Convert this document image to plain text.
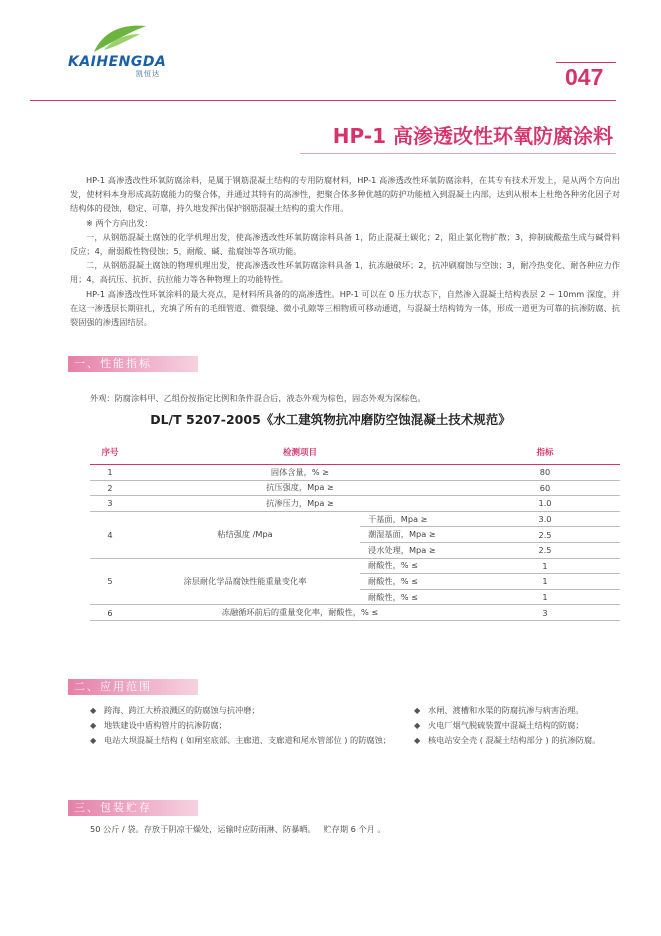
KAIHENGDA
凯恒达	047
HP-1 高渗透改性环氧防腐涂料

HP-1 高渗透改性环氧防腐涂料，是属于钢筋混凝土结构的专用防腐材料，HP-1 高渗透改性环氧防腐涂料，在其专有技术开发上，是从两个方向出发，使材料本身形成高防腐能力的聚合体，并通过其特有的高渗性，把聚合体多种优越的防护功能植入到混凝土内部，达到从根本上杜绝各种劣化因子对结构体的侵蚀，稳定、可靠，持久地发挥出保护钢筋混凝土结构的重大作用。

※ 两个方向出发：

一，从钢筋混凝土腐蚀的化学机理出发，使高渗透改性环氧防腐涂料具备 1，防止混凝土碳化；2，阻止氯化物扩散；3，抑制硫酸盐生成与碱骨料反应；4，耐弱酸性物侵蚀；5，耐酸、碱、盐腐蚀等各项功能。

二，从钢筋混凝土腐蚀的物理机理出发，使高渗透改性环氧防腐涂料具备 1，抗冻融破坏；2，抗冲刷腐蚀与空蚀；3，耐冷热变化、耐各种应力作用；4，高抗压、抗折、抗拉能力等各种物理上的功能特性。

HP-1 高渗透改性环氧涂料的最大亮点，是材料所具备的的高渗透性。HP-1 可以在 0 压力状态下，自然渗入混凝土结构表层 2 ~ 10mm 深度，并在这一渗透层长期驻扎，充填了所有的毛细管道、微裂缝、微小孔隙等三相物质可移动通道，与混凝土结构铸为一体，形成一道更为可靠的抗渗防腐、抗裂固强的渗透固结层。

一、性能指标
外观：防腐涂料甲、乙组份按指定比例和条件混合后，液态外观为棕色，固态外观为深棕色。
DL/T 5207-2005《水工建筑物抗冲磨防空蚀混凝土技术规范》
序号	检测项目		指标
1	固体含量，% ≥		80
2	抗压强度，Mpa ≥		60
3	抗渗压力，Mpa ≥		1.0
4	粘结强度 /Mpa	干基面，Mpa ≥	3.0
		潮湿基面，Mpa ≥	2.5
		浸水处理，Mpa ≥	2.5
5	涂层耐化学品腐蚀性能重量变化率	耐酸性，% ≤	1
		耐酸性，% ≤	1
		耐酸性，% ≤	1
6	冻融循环前后的重量变化率，耐酸性，% ≤		3
二、应用范围
◆ 跨海、跨江大桥浪溅区的防腐蚀与抗冲磨；
◆ 地铁建设中盾构管片的抗渗防腐；
◆ 电站大坝混凝土结构 ( 如闸室底部、主廊道、支廊道和尾水管部位 ) 的防腐蚀；
◆ 水闸、渡槽和水渠的防腐抗渗与病害治理。
◆ 火电厂烟气脱硫装置中混凝土结构的防腐；
◆ 核电站安全壳 ( 混凝土结构部分 ) 的抗渗防腐。
三、包装贮存
50 公斤 / 袋。存放于阴凉干燥处，运输时应防雨淋、防暴晒。   贮存期 6 个月 。
